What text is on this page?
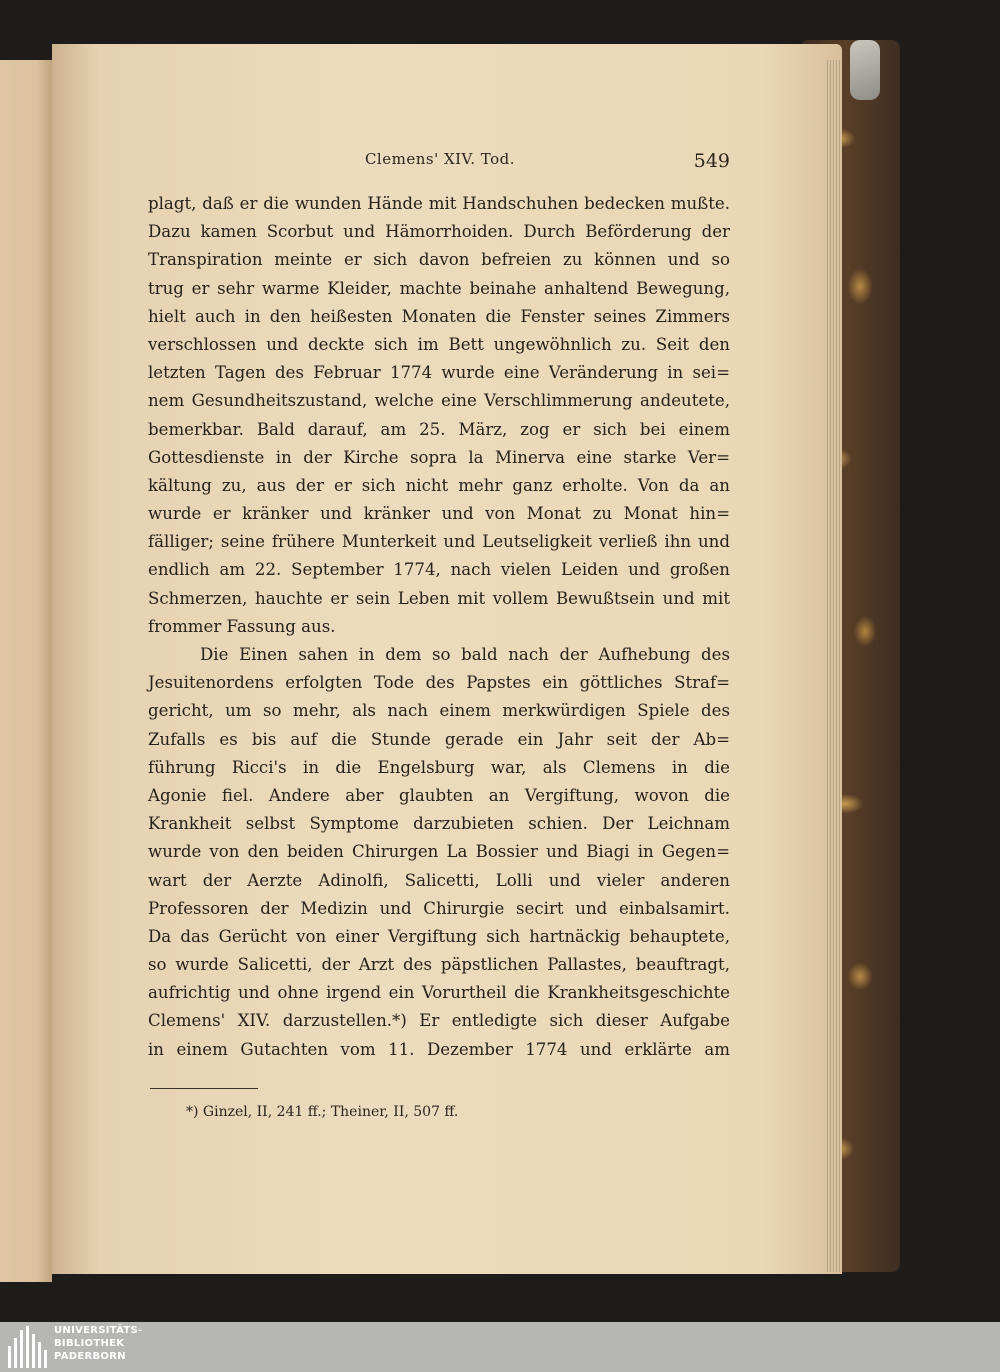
Clemens' XIV. Tod.	549
plagt, daß er die wunden Hände mit Handschuhen bedecken mußte.
Dazu kamen Scorbut und Hämorrhoiden. Durch Beförderung der
Transpiration meinte er sich davon befreien zu können und so
trug er sehr warme Kleider, machte beinahe anhaltend Bewegung,
hielt auch in den heißesten Monaten die Fenster seines Zimmers
verschlossen und deckte sich im Bett ungewöhnlich zu. Seit den
letzten Tagen des Februar 1774 wurde eine Veränderung in sei=
nem Gesundheitszustand, welche eine Verschlimmerung andeutete,
bemerkbar. Bald darauf, am 25. März, zog er sich bei einem
Gottesdienste in der Kirche sopra la Minerva eine starke Ver=
kältung zu, aus der er sich nicht mehr ganz erholte. Von da an
wurde er kränker und kränker und von Monat zu Monat hin=
fälliger; seine frühere Munterkeit und Leutseligkeit verließ ihn und
endlich am 22. September 1774, nach vielen Leiden und großen
Schmerzen, hauchte er sein Leben mit vollem Bewußtsein und mit
frommer Fassung aus.
Die Einen sahen in dem so bald nach der Aufhebung des
Jesuitenordens erfolgten Tode des Papstes ein göttliches Straf=
gericht, um so mehr, als nach einem merkwürdigen Spiele des
Zufalls es bis auf die Stunde gerade ein Jahr seit der Ab=
führung Ricci's in die Engelsburg war, als Clemens in die
Agonie fiel. Andere aber glaubten an Vergiftung, wovon die
Krankheit selbst Symptome darzubieten schien. Der Leichnam
wurde von den beiden Chirurgen La Bossier und Biagi in Gegen=
wart der Aerzte Adinolfi, Salicetti, Lolli und vieler anderen
Professoren der Medizin und Chirurgie secirt und einbalsamirt.
Da das Gerücht von einer Vergiftung sich hartnäckig behauptete,
so wurde Salicetti, der Arzt des päpstlichen Pallastes, beauftragt,
aufrichtig und ohne irgend ein Vorurtheil die Krankheitsgeschichte
Clemens' XIV. darzustellen.*) Er entledigte sich dieser Aufgabe
in einem Gutachten vom 11. Dezember 1774 und erklärte am
*) Ginzel, II, 241 ff.; Theiner, II, 507 ff.
UNIVERSITÄTS-
BIBLIOTHEK
PADERBORN
